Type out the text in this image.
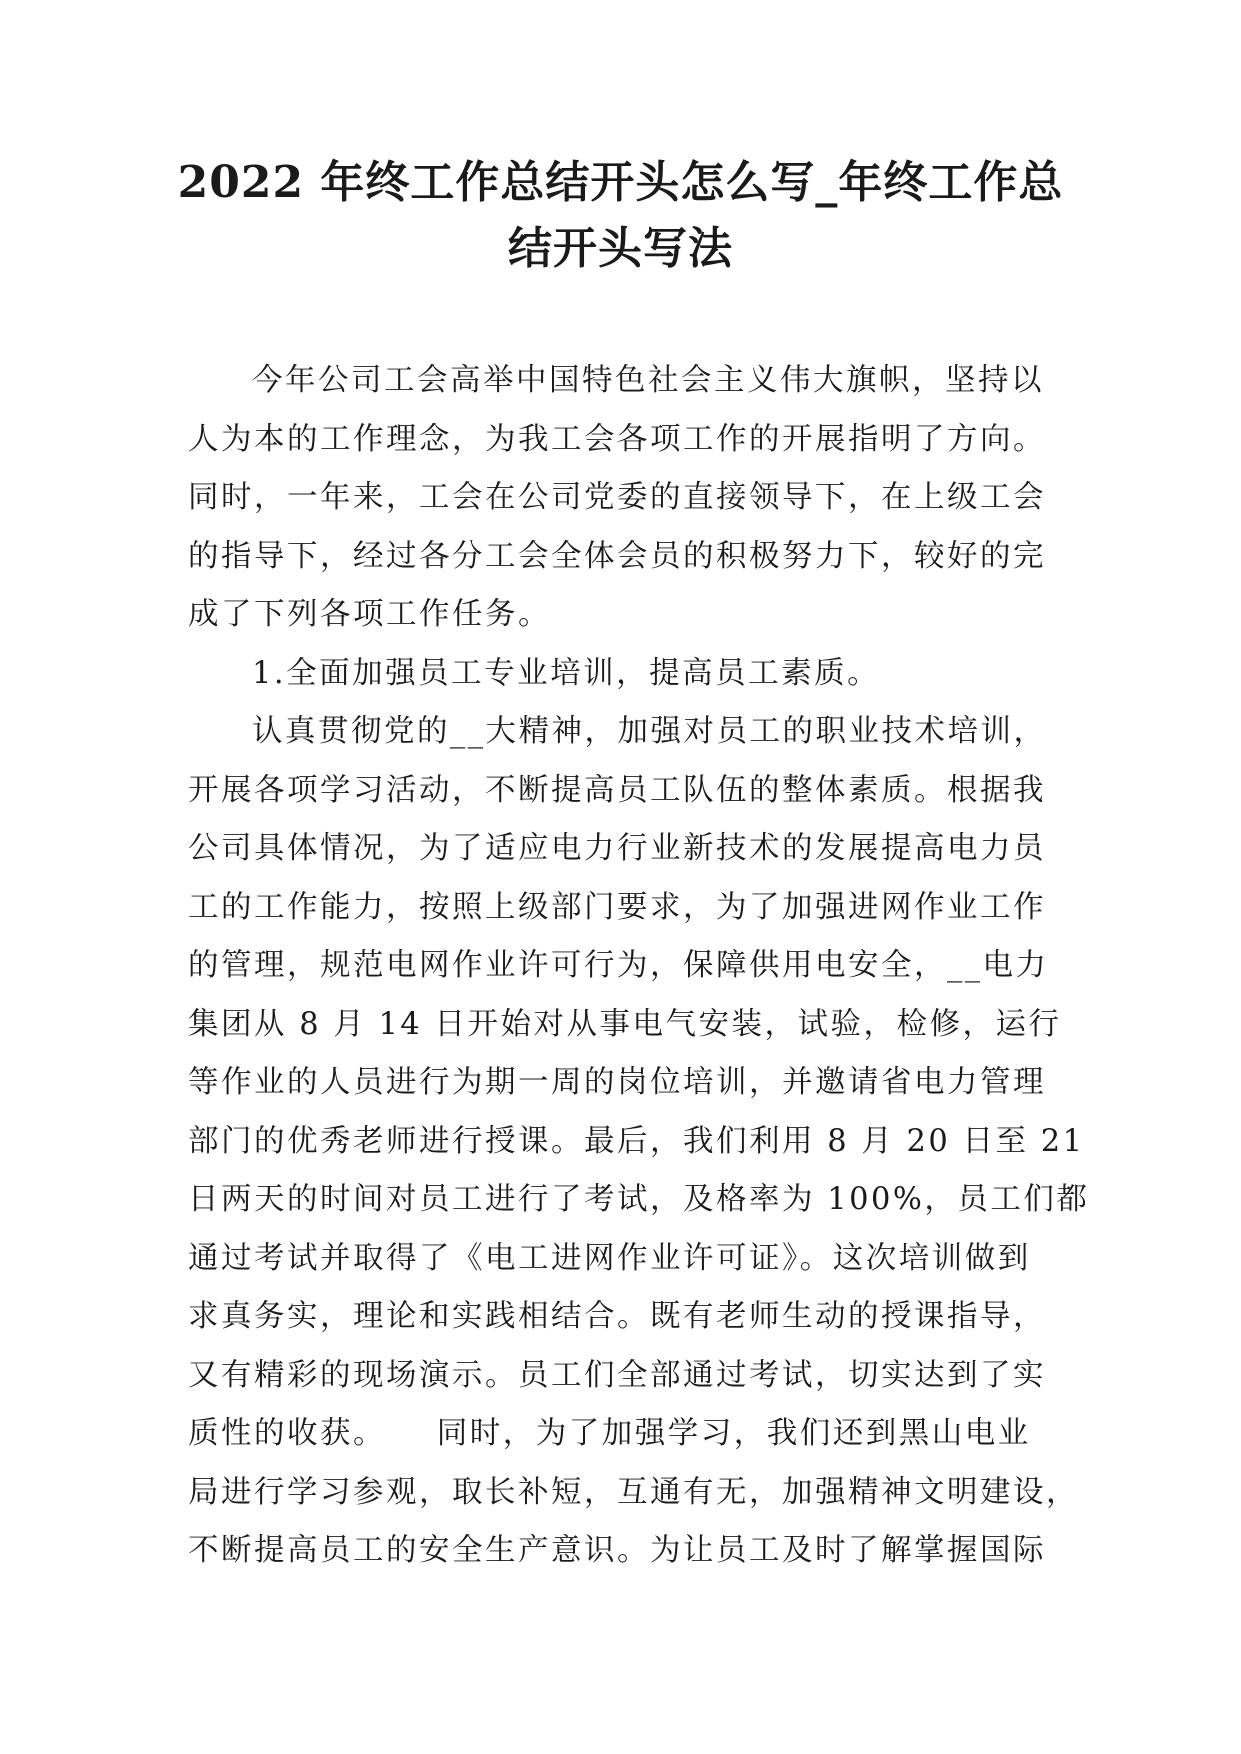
2022 年终工作总结开头怎么写_年终工作总
结开头写法
今年公司工会高举中国特色社会主义伟大旗帜，坚持以
人为本的工作理念，为我工会各项工作的开展指明了方向。
同时，一年来，工会在公司党委的直接领导下，在上级工会
的指导下，经过各分工会全体会员的积极努力下，较好的完
成了下列各项工作任务。
1.全面加强员工专业培训，提高员工素质。
认真贯彻党的__大精神，加强对员工的职业技术培训，
开展各项学习活动，不断提高员工队伍的整体素质。根据我
公司具体情况，为了适应电力行业新技术的发展提高电力员
工的工作能力，按照上级部门要求，为了加强进网作业工作
的管理，规范电网作业许可行为，保障供用电安全，__电力
集团从 8 月 14 日开始对从事电气安装，试验，检修，运行
等作业的人员进行为期一周的岗位培训，并邀请省电力管理
部门的优秀老师进行授课。最后，我们利用 8 月 20 日至 21
日两天的时间对员工进行了考试，及格率为 100%，员工们都
通过考试并取得了《电工进网作业许可证》。这次培训做到
求真务实，理论和实践相结合。既有老师生动的授课指导，
又有精彩的现场演示。员工们全部通过考试，切实达到了实
质性的收获。　　同时，为了加强学习，我们还到黑山电业
局进行学习参观，取长补短，互通有无，加强精神文明建设，
不断提高员工的安全生产意识。为让员工及时了解掌握国际
